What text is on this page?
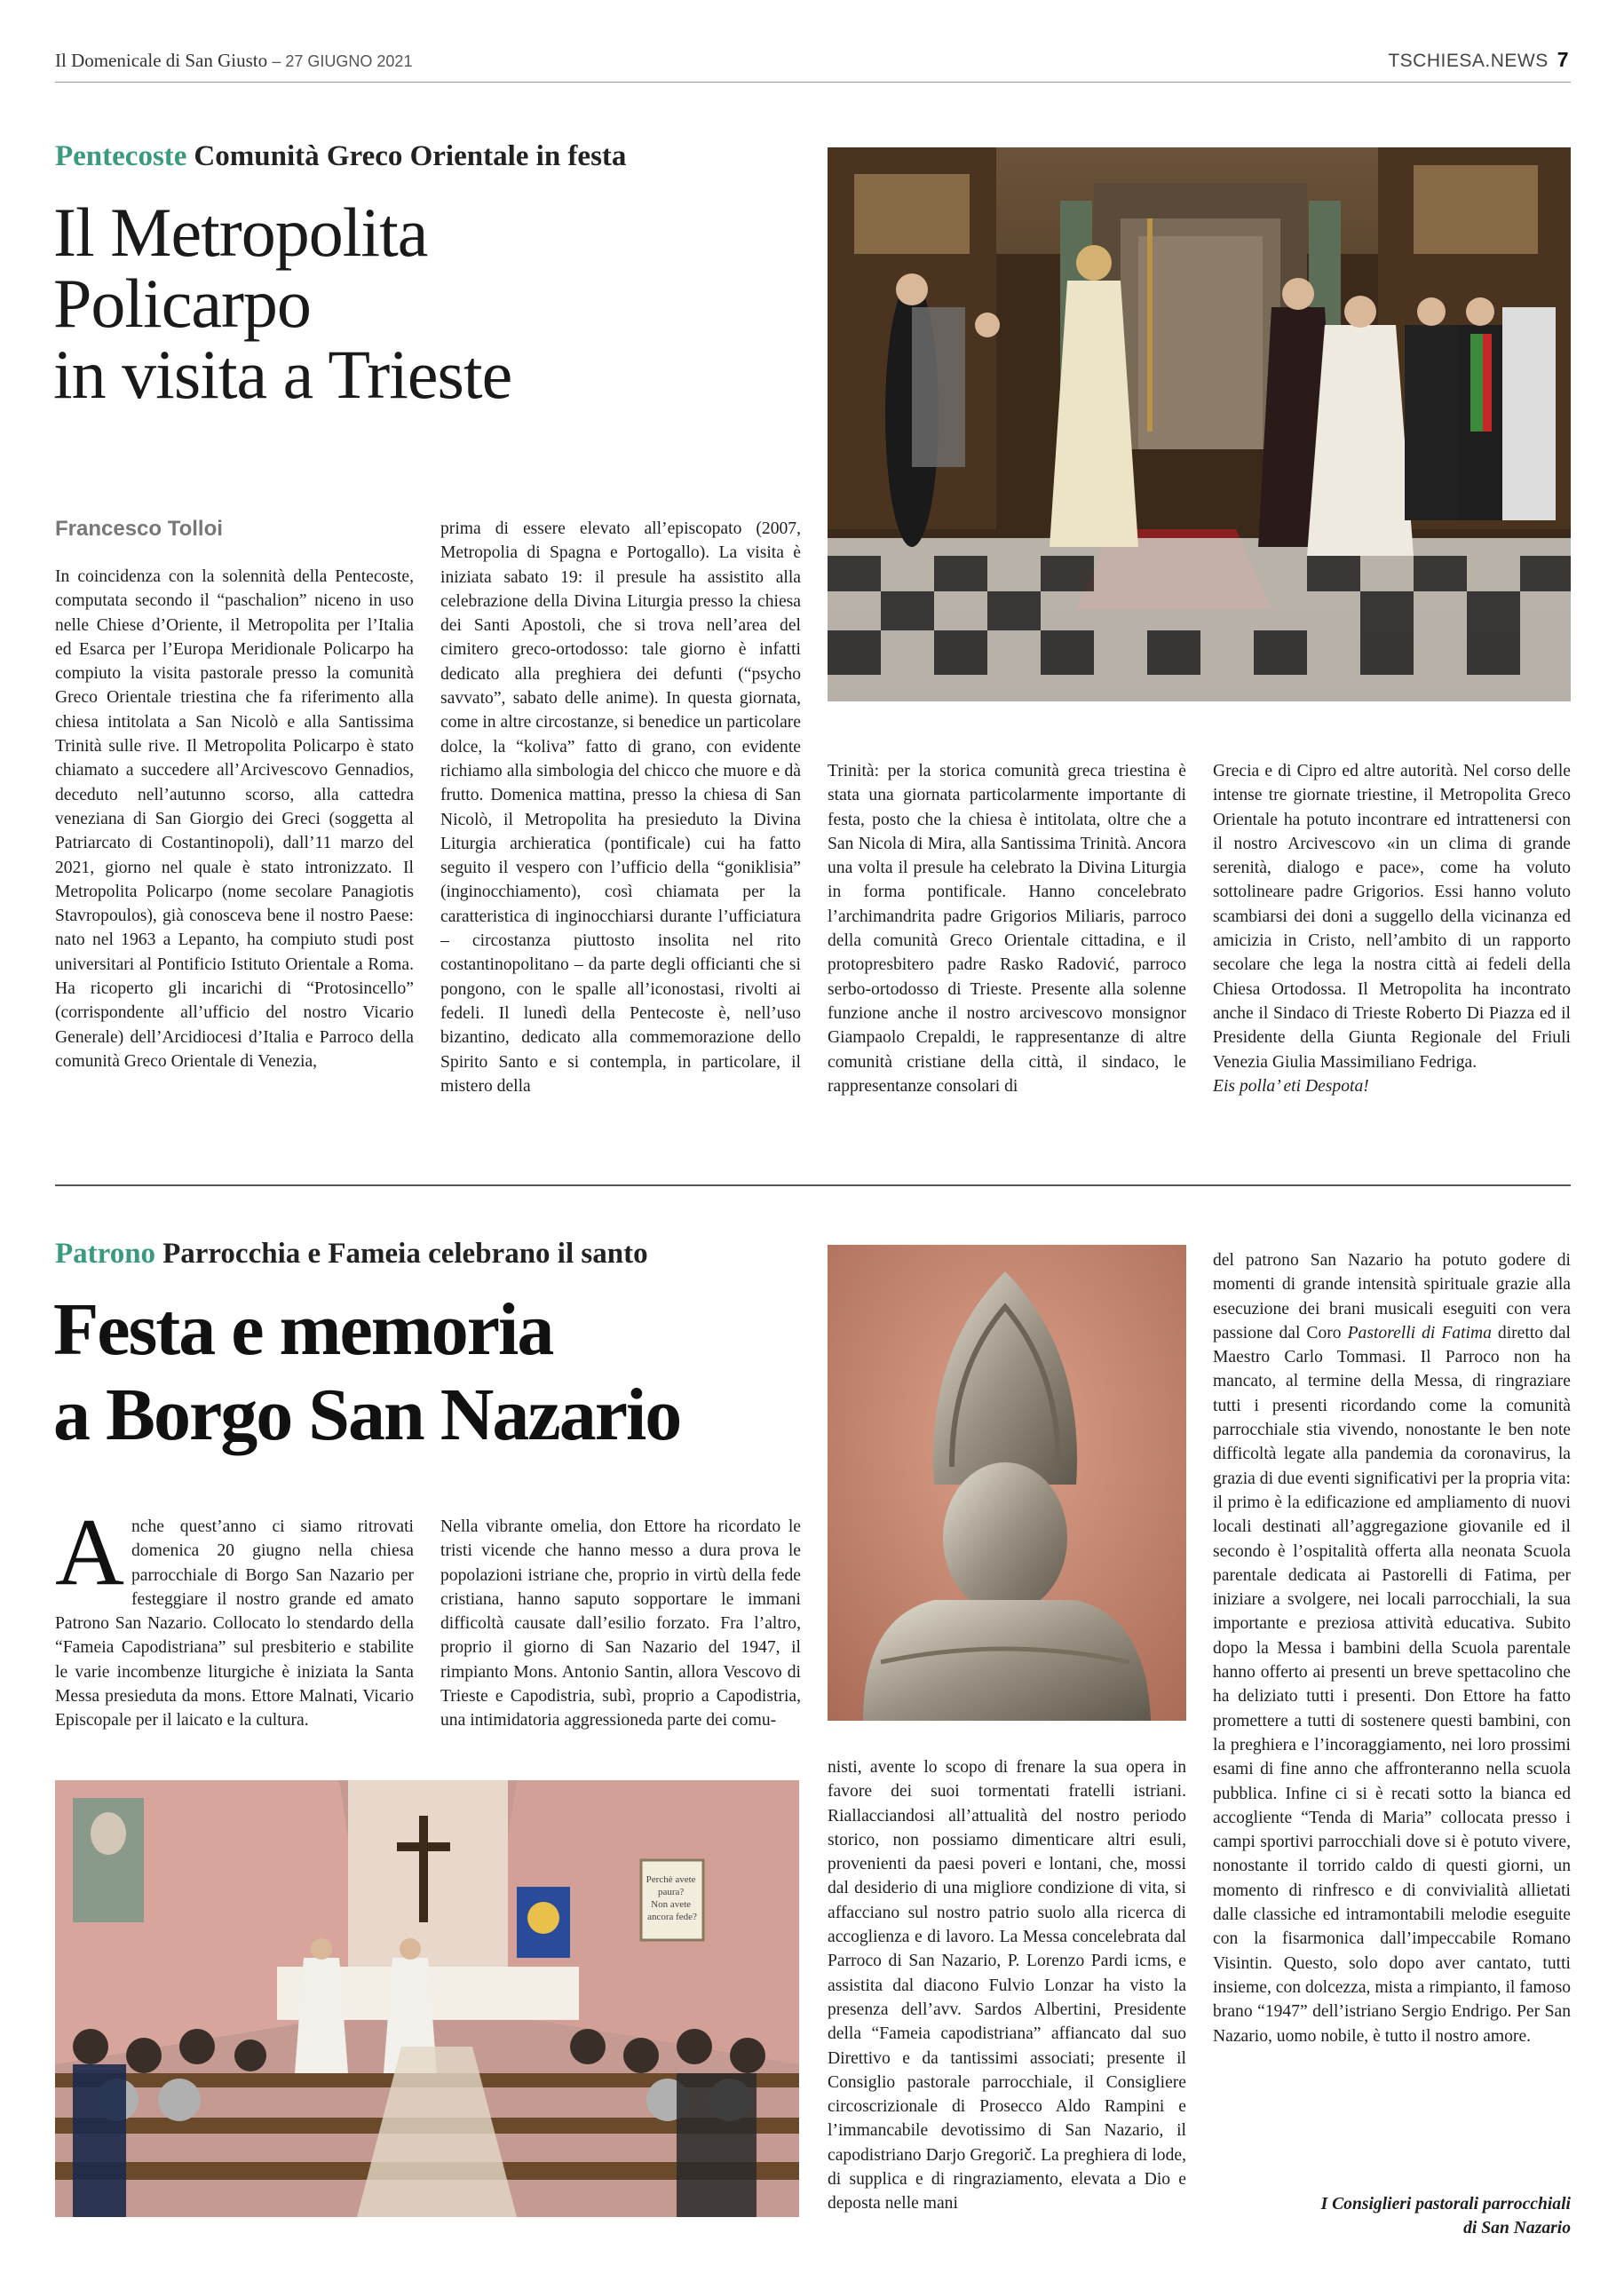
Il Domenicale di San Giusto – 27 GIUGNO 2021	TSCHIESA.NEWS 7
Pentecoste Comunità Greco Orientale in festa
Il Metropolita
Policarpo
in visita a Trieste
Francesco Tolloi
In coincidenza con la solennità della Pentecoste, computata secondo il “paschalion” niceno in uso nelle Chiese d’Oriente, il Metropolita per l’Italia ed Esarca per l’Europa Meridionale Policarpo ha compiuto la visita pastorale presso la comunità Greco Orientale triestina che fa riferimento alla chiesa intitolata a San Nicolò e alla Santissima Trinità sulle rive. Il Metropolita Policarpo è stato chiamato a succedere all’Arcivescovo Gennadios, deceduto nell’autunno scorso, alla cattedra veneziana di San Giorgio dei Greci (soggetta al Patriarcato di Costantinopoli), dall’11 marzo del 2021, giorno nel quale è stato intronizzato. Il Metropolita Policarpo (nome secolare Panagiotis Stavropoulos), già conosceva bene il nostro Paese: nato nel 1963 a Lepanto, ha compiuto studi post universitari al Pontificio Istituto Orientale a Roma. Ha ricoperto gli incarichi di “Protosincello” (corrispondente all’ufficio del nostro Vicario Generale) dell’Arcidiocesi d’Italia e Parroco della comunità Greco Orientale di Venezia,
prima di essere elevato all’episcopato (2007, Metropolia di Spagna e Portogallo). La visita è iniziata sabato 19: il presule ha assistito alla celebrazione della Divina Liturgia presso la chiesa dei Santi Apostoli, che si trova nell’area del cimitero greco-ortodosso: tale giorno è infatti dedicato alla preghiera dei defunti (“psycho savvato”, sabato delle anime). In questa giornata, come in altre circostanze, si benedice un particolare dolce, la “koliva” fatto di grano, con evidente richiamo alla simbologia del chicco che muore e dà frutto. Domenica mattina, presso la chiesa di San Nicolò, il Metropolita ha presieduto la Divina Liturgia archieratica (pontificale) cui ha fatto seguito il vespero con l’ufficio della “goniklisia” (inginocchiamento), così chiamata per la caratteristica di inginocchiarsi durante l’ufficiatura – circostanza piuttosto insolita nel rito costantinopolitano – da parte degli officianti che si pongono, con le spalle all’iconostasi, rivolti ai fedeli. Il lunedì della Pentecoste è, nell’uso bizantino, dedicato alla commemorazione dello Spirito Santo e si contempla, in particolare, il mistero della
Trinità: per la storica comunità greca triestina è stata una giornata particolarmente importante di festa, posto che la chiesa è intitolata, oltre che a San Nicola di Mira, alla Santissima Trinità. Ancora una volta il presule ha celebrato la Divina Liturgia in forma pontificale. Hanno concelebrato l’archimandrita padre Grigorios Miliaris, parroco della comunità Greco Orientale cittadina, e il protopresbitero padre Rasko Radović, parroco serbo-ortodosso di Trieste. Presente alla solenne funzione anche il nostro arcivescovo monsignor Giampaolo Crepaldi, le rappresentanze di altre comunità cristiane della città, il sindaco, le rappresentanze consolari di

Grecia e di Cipro ed altre autorità. Nel corso delle intense tre giornate triestine, il Metropolita Greco Orientale ha potuto incontrare ed intrattenersi con il nostro Arcivescovo «in un clima di grande serenità, dialogo e pace», come ha voluto sottolineare padre Grigorios. Essi hanno voluto scambiarsi dei doni a suggello della vicinanza ed amicizia in Cristo, nell’ambito di un rapporto secolare che lega la nostra città ai fedeli della Chiesa Ortodossa. Il Metropolita ha incontrato anche il Sindaco di Trieste Roberto Di Piazza ed il Presidente della Giunta Regionale del Friuli Venezia Giulia Massimiliano Fedriga.

Eis polla’ eti Despota!

Patrono Parrocchia e Fameia celebrano il santo
Festa e memoria
a Borgo San Nazario
Anche quest’anno ci siamo ritrovati domenica 20 giugno nella chiesa parrocchiale di Borgo San Nazario per festeggiare il nostro grande ed amato Patrono San Nazario. Collocato lo stendardo della “Fameia Capodistriana” sul presbiterio e stabilite le varie incombenze liturgiche è iniziata la Santa Messa presieduta da mons. Ettore Malnati, Vicario Episcopale per il laicato e la cultura.
Nella vibrante omelia, don Ettore ha ricordato le tristi vicende che hanno messo a dura prova le popolazioni istriane che, proprio in virtù della fede cristiana, hanno saputo sopportare le immani difficoltà causate dall’esilio forzato. Fra l’altro, proprio il giorno di San Nazario del 1947, il rimpianto Mons. Antonio Santin, allora Vescovo di Trieste e Capodistria, subì, proprio a Capodistria, una intimidatoria aggressioneda parte dei comu-
Perchè avete paura? Non avete ancora fede?
nisti, avente lo scopo di frenare la sua opera in favore dei suoi tormentati fratelli istriani. Riallacciandosi all’attualità del nostro periodo storico, non possiamo dimenticare altri esuli, provenienti da paesi poveri e lontani, che, mossi dal desiderio di una migliore condizione di vita, si affacciano sul nostro patrio suolo alla ricerca di accoglienza e di lavoro. La Messa concelebrata dal Parroco di San Nazario, P. Lorenzo Pardi icms, e assistita dal diacono Fulvio Lonzar ha visto la presenza dell’avv. Sardos Albertini, Presidente della “Fameia capodistriana” affiancato dal suo Direttivo e da tantissimi associati; presente il Consiglio pastorale parrocchiale, il Consigliere circoscrizionale di Prosecco Aldo Rampini e l’immancabile devotissimo di San Nazario, il capodistriano Darjo Gregorič. La preghiera di lode, di supplica e di ringraziamento, elevata a Dio e deposta nelle mani
del patrono San Nazario ha potuto godere di momenti di grande intensità spirituale grazie alla esecuzione dei brani musicali eseguiti con vera passione dal Coro Pastorelli di Fatima diretto dal Maestro Carlo Tommasi. Il Parroco non ha mancato, al termine della Messa, di ringraziare tutti i presenti ricordando come la comunità parrocchiale stia vivendo, nonostante le ben note difficoltà legate alla pandemia da coronavirus, la grazia di due eventi significativi per la propria vita: il primo è la edificazione ed ampliamento di nuovi locali destinati all’aggregazione giovanile ed il secondo è l’ospitalità offerta alla neonata Scuola parentale dedicata ai Pastorelli di Fatima, per iniziare a svolgere, nei locali parrocchiali, la sua importante e preziosa attività educativa. Subito dopo la Messa i bambini della Scuola parentale hanno offerto ai presenti un breve spettacolino che ha deliziato tutti i presenti. Don Ettore ha fatto promettere a tutti di sostenere questi bambini, con la preghiera e l’incoraggiamento, nei loro prossimi esami di fine anno che affronteranno nella scuola pubblica. Infine ci si è recati sotto la bianca ed accogliente “Tenda di Maria” collocata presso i campi sportivi parrocchiali dove si è potuto vivere, nonostante il torrido caldo di questi giorni, un momento di rinfresco e di convivialità allietati dalle classiche ed intramontabili melodie eseguite con la fisarmonica dall’impeccabile Romano Visintin. Questo, solo dopo aver cantato, tutti insieme, con dolcezza, mista a rimpianto, il famoso brano “1947” dell’istriano Sergio Endrigo. Per San Nazario, uomo nobile, è tutto il nostro amore.
I Consiglieri pastorali parrocchiali
di San Nazario
